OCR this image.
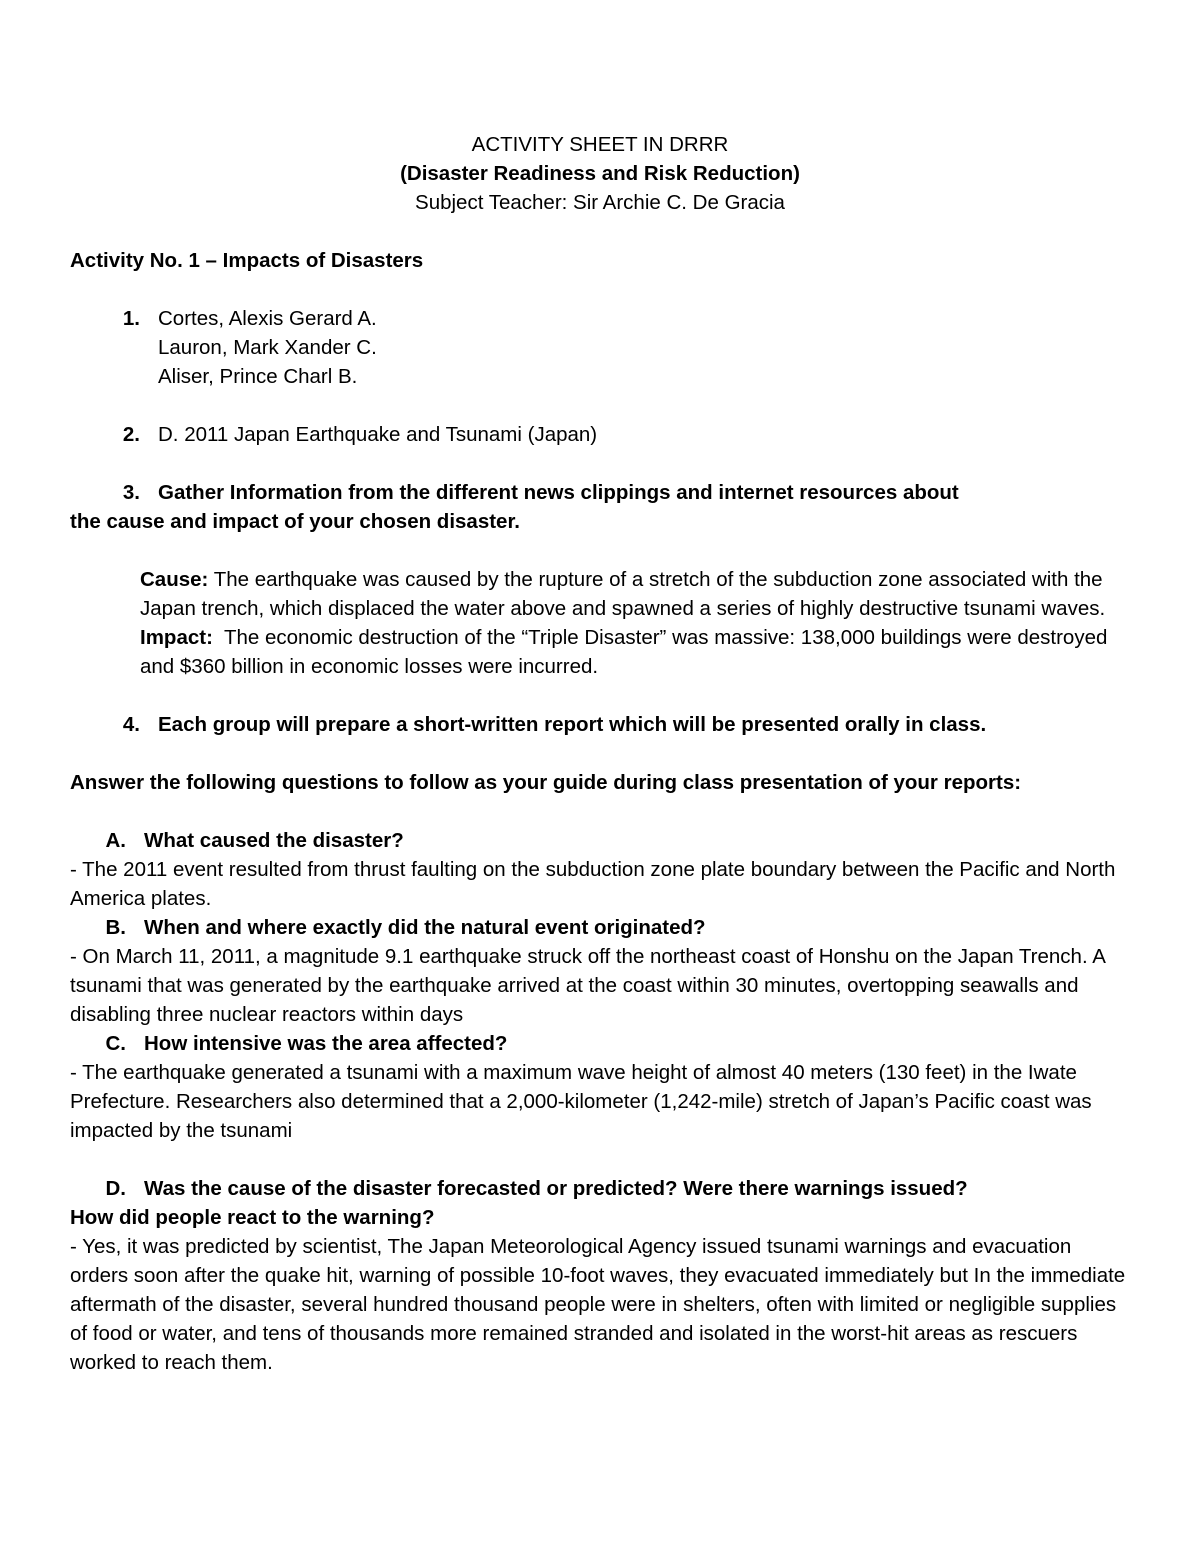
ACTIVITY SHEET IN DRRR

(Disaster Readiness and Risk Reduction)

Subject Teacher: Sir Archie C. De Gracia

Activity No. 1 – Impacts of Disasters

1. Cortes, Alexis Gerard A.

Lauron, Mark Xander C.

Aliser, Prince Charl B.

2. D. 2011 Japan Earthquake and Tsunami (Japan)

3. Gather Information from the different news clippings and internet resources about

the cause and impact of your chosen disaster.

Cause: The earthquake was caused by the rupture of a stretch of the subduction zone associated with the Japan trench, which displaced the water above and spawned a series of highly destructive tsunami waves.

Impact: The economic destruction of the “Triple Disaster” was massive: 138,000 buildings were destroyed and $360 billion in economic losses were incurred.

4. Each group will prepare a short-written report which will be presented orally in class.

Answer the following questions to follow as your guide during class presentation of your reports:

A. What caused the disaster?

- The 2011 event resulted from thrust faulting on the subduction zone plate boundary between the Pacific and North America plates.

B. When and where exactly did the natural event originated?

- On March 11, 2011, a magnitude 9.1 earthquake struck off the northeast coast of Honshu on the Japan Trench. A tsunami that was generated by the earthquake arrived at the coast within 30 minutes, overtopping seawalls and disabling three nuclear reactors within days

C. How intensive was the area affected?

- The earthquake generated a tsunami with a maximum wave height of almost 40 meters (130 feet) in the Iwate Prefecture. Researchers also determined that a 2,000-kilometer (1,242-mile) stretch of Japan’s Pacific coast was impacted by the tsunami

D. Was the cause of the disaster forecasted or predicted? Were there warnings issued?

How did people react to the warning?

- Yes, it was predicted by scientist, The Japan Meteorological Agency issued tsunami warnings and evacuation orders soon after the quake hit, warning of possible 10-foot waves, they evacuated immediately but In the immediate aftermath of the disaster, several hundred thousand people were in shelters, often with limited or negligible supplies of food or water, and tens of thousands more remained stranded and isolated in the worst-hit areas as rescuers worked to reach them.
